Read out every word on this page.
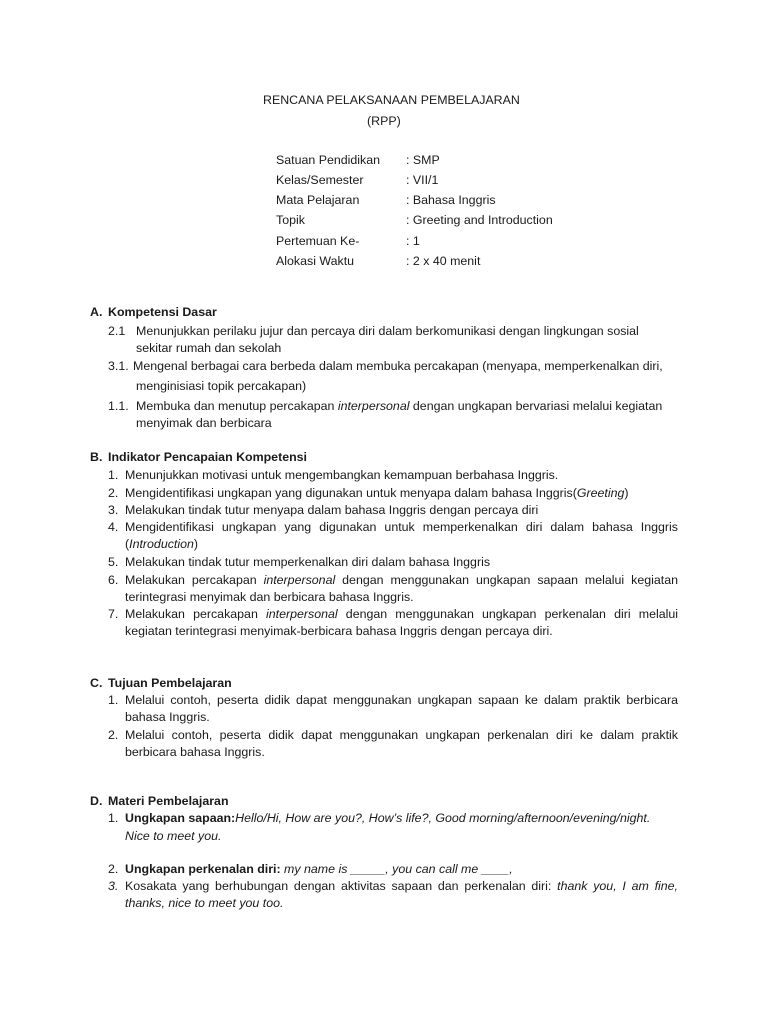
RENCANA PELAKSANAAN PEMBELAJARAN
(RPP)
Satuan Pendidikan : SMP
Kelas/Semester	: VII/1
Mata Pelajaran	: Bahasa Inggris
Topik	: Greeting and Introduction
Pertemuan Ke-	: 1
Alokasi Waktu	: 2 x 40 menit
A. Kompetensi Dasar
2.1 Menunjukkan perilaku jujur dan percaya diri dalam berkomunikasi dengan lingkungan sosial
sekitar rumah dan sekolah
3.1. Mengenal berbagai cara berbeda dalam membuka percakapan (menyapa, memperkenalkan diri,
menginisiasi topik percakapan)
1.1. Membuka dan menutup percakapan interpersonal dengan ungkapan bervariasi melalui kegiatan
menyimak dan berbicara
B. Indikator Pencapaian Kompetensi
1. Menunjukkan motivasi untuk mengembangkan kemampuan berbahasa Inggris.
2. Mengidentifikasi ungkapan yang digunakan untuk menyapa dalam bahasa Inggris(Greeting)
3. Melakukan tindak tutur menyapa dalam bahasa Inggris dengan percaya diri
4. Mengidentifikasi ungkapan yang digunakan untuk memperkenalkan diri dalam bahasa Inggris
(Introduction)
5. Melakukan tindak tutur memperkenalkan diri dalam bahasa Inggris
6. Melakukan percakapan interpersonal dengan menggunakan ungkapan sapaan melalui kegiatan
terintegrasi menyimak dan berbicara bahasa Inggris.
7. Melakukan percakapan interpersonal dengan menggunakan ungkapan perkenalan diri melalui
kegiatan terintegrasi menyimak-berbicara bahasa Inggris dengan percaya diri.
C. Tujuan Pembelajaran
1. Melalui contoh, peserta didik dapat menggunakan ungkapan sapaan ke dalam praktik berbicara
bahasa Inggris.
2. Melalui contoh, peserta didik dapat menggunakan ungkapan perkenalan diri ke dalam praktik
berbicara bahasa Inggris.
D. Materi Pembelajaran
1. Ungkapan sapaan:Hello/Hi, How are you?, How’s life?, Good morning/afternoon/evening/night.
Nice to meet you.
2. Ungkapan perkenalan diri: my name is _____, you can call me ____,
3. Kosakata yang berhubungan dengan aktivitas sapaan dan perkenalan diri: thank you, I am fine,
thanks, nice to meet you too.
